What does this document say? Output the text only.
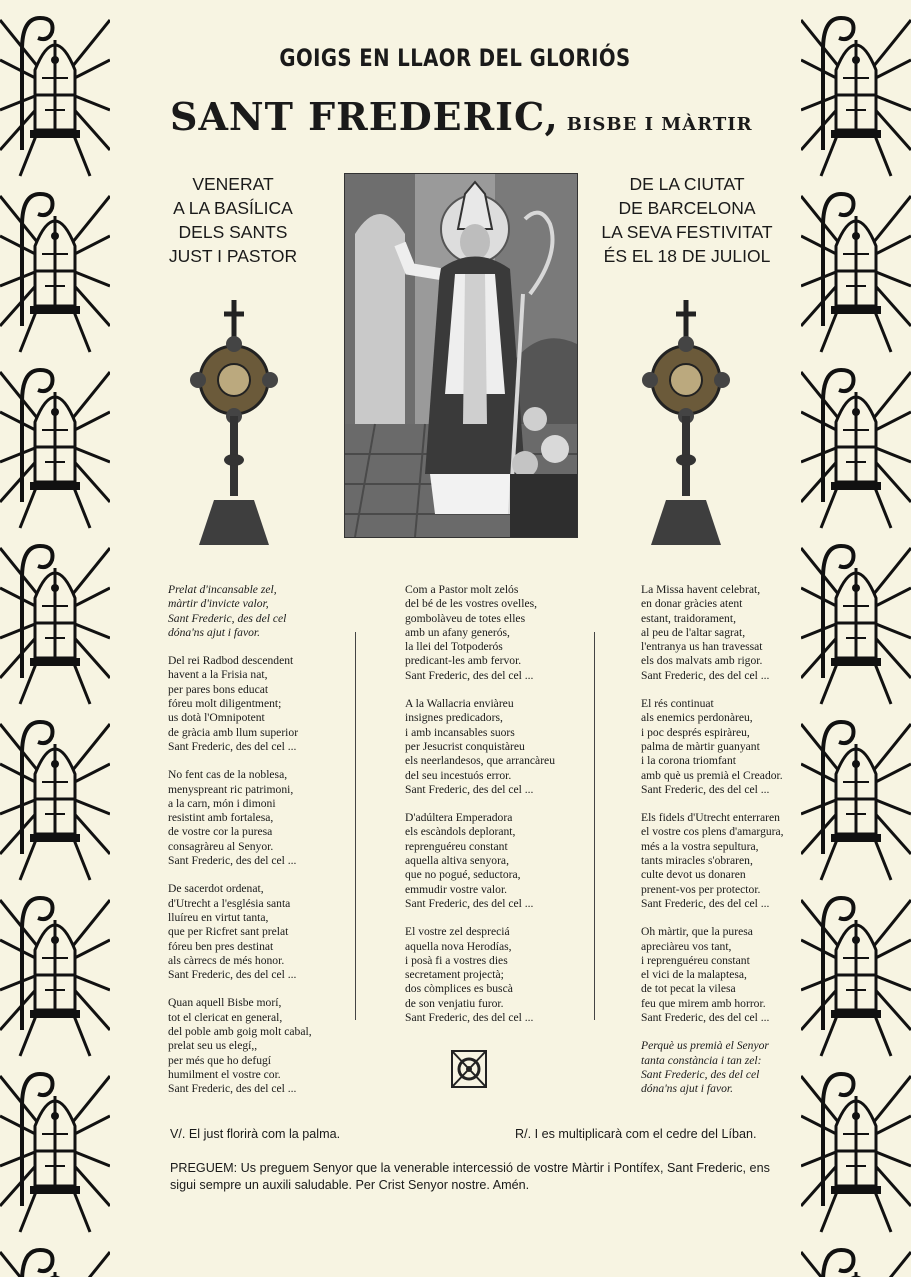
GOIGS EN LLAOR DEL GLORIÓS
SANT FREDERIC, BISBE I MÀRTIR
VENERAT
A LA BASÍLICA
DELS SANTS
JUST I PASTOR
DE LA CIUTAT
DE BARCELONA
LA SEVA FESTIVITAT
ÉS EL 18 DE JULIOL
Prelat d'incansable zel,
màrtir d'invicte valor,
Sant Frederic, des del cel
dóna'ns ajut i favor.
Del rei Radbod descendent
havent a la Frisia nat,
per pares bons educat
fóreu molt diligentment;
us dotà l'Omnipotent
de gràcia amb llum superior
Sant Frederic, des del cel ...
No fent cas de la noblesa,
menyspreant ric patrimoni,
a la carn, món i dimoni
resistint amb fortalesa,
de vostre cor la puresa
consagràreu al Senyor.
Sant Frederic, des del cel ...
De sacerdot ordenat,
d'Utrecht a l'església santa
lluíreu en virtut tanta,
que per Ricfret sant prelat
fóreu ben pres destinat
als càrrecs de més honor.
Sant Frederic, des del cel ...
Quan aquell Bisbe morí,
tot el clericat en general,
del poble amb goig molt cabal,
prelat seu us elegí,,
per més que ho defugí
humilment el vostre cor.
Sant Frederic, des del cel ...
Com a Pastor molt zelós
del bé de les vostres ovelles,
gombolàveu de totes elles
amb un afany generós,
la llei del Totpoderós
predicant-les amb fervor.
Sant Frederic, des del cel ...
A la Wallacria enviàreu
insignes predicadors,
i amb incansables suors
per Jesucrist conquistàreu
els neerlandesos, que arrancàreu
del seu incestuós error.
Sant Frederic, des del cel ...
D'adúltera Emperadora
els escàndols deplorant,
reprenguéreu constant
aquella altiva senyora,
que no pogué, seductora,
emmudir vostre valor.
Sant Frederic, des del cel ...
El vostre zel despreciá
aquella nova Herodías,
i posà fi a vostres dies
secretament projectà;
dos còmplices es buscà
de son venjatiu furor.
Sant Frederic, des del cel ...
La Missa havent celebrat,
en donar gràcies atent
estant, traidorament,
al peu de l'altar sagrat,
l'entranya us han travessat
els dos malvats amb rigor.
Sant Frederic, des del cel ...
El rés continuat
als enemics perdonàreu,
i poc després espiràreu,
palma de màrtir guanyant
i la corona triomfant
amb què us premià el Creador.
Sant Frederic, des del cel ...
Els fidels d'Utrecht enterraren
el vostre cos plens d'amargura,
més a la vostra sepultura,
tants miracles s'obraren,
culte devot us donaren
prenent-vos per protector.
Sant Frederic, des del cel ...
Oh màrtir, que la puresa
apreciàreu vos tant,
i reprenguéreu constant
el vici de la malaptesa,
de tot pecat la vilesa
feu que mirem amb horror.
Sant Frederic, des del cel ...
Perquè us premià el Senyor
tanta constància i tan zel:
Sant Frederic, des del cel
dóna'ns ajut i favor.
V/. El just florirà com la palma.	R/. I es multiplicarà com el cedre del Líban.
PREGUEM: Us preguem Senyor que la venerable intercessió de vostre Màrtir i Pontífex, Sant Frederic, ens sigui sempre un auxili saludable. Per Crist Senyor nostre. Amén.
